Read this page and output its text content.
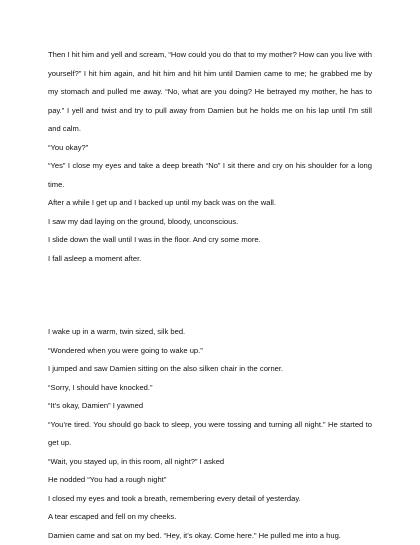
Then I hit him and yell and scream, “How could you do that to my mother? How can you live with yourself?” I hit him again, and hit him and hit him until Damien came to me; he grabbed me by my stomach and pulled me away. “No, what are you doing? He betrayed my mother, he has to pay.” I yell and twist and try to pull away from Damien but he holds me on his lap until I’m still and calm.

“You okay?”

“Yes” I close my eyes and take a deep breath “No” I sit there and cry on his shoulder for a long time.

After a while I get up and I backed up until my back was on the wall.

I saw my dad laying on the ground, bloody, unconscious.

I slide down the wall until I was in the floor. And cry some more.

I fall asleep a moment after.

I wake up in a warm, twin sized, silk bed.

“Wondered when you were going to wake up.”

I jumped and saw Damien sitting on the also silken chair in the corner.

“Sorry, I should have knocked.”

“It’s okay, Damien” I yawned

“You’re tired. You should go back to sleep, you were tossing and turning all night.” He started to get up.

“Wait, you stayed up, in this room, all night?” I asked

He nodded “You had a rough night”

I closed my eyes and took a breath, remembering every detail of yesterday.

A tear escaped and fell on my cheeks.

Damien came and sat on my bed. “Hey, it’s okay. Come here.” He pulled me into a hug.
